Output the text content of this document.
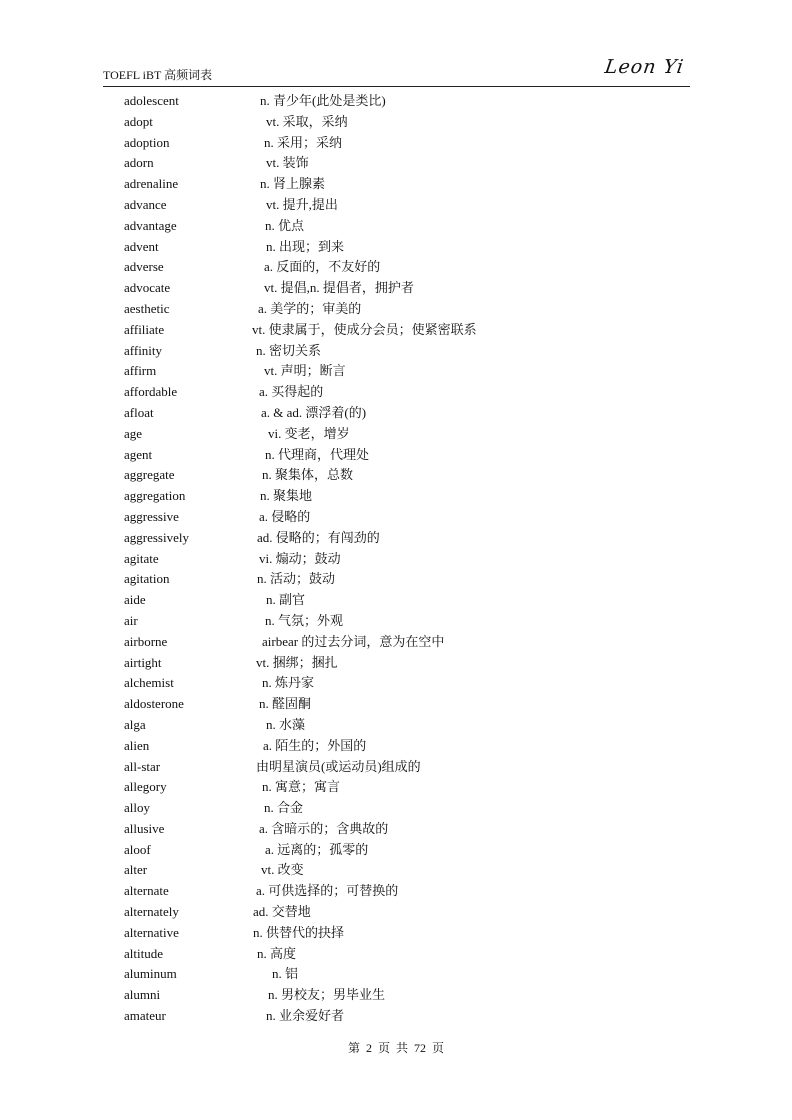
TOEFL iBT 高频词表	Leon Yi
adolescent	n. 青少年(此处是类比)
adopt	vt. 采取，采纳
adoption	n. 采用；采纳
adorn	vt. 装饰
adrenaline	n. 肾上腺素
advance	vt. 提升,提出
advantage	n. 优点
advent	n. 出现；到来
adverse	a. 反面的，不友好的
advocate	vt. 提倡,n. 提倡者，拥护者
aesthetic	a. 美学的；审美的
affiliate	vt. 使隶属于，使成分会员；使紧密联系
affinity	n. 密切关系
affirm	vt. 声明；断言
affordable	a. 买得起的
afloat	a. & ad. 漂浮着(的)
age	vi. 变老，增岁
agent	n. 代理商，代理处
aggregate	n. 聚集体，总数
aggregation	n. 聚集地
aggressive	a. 侵略的
aggressively	ad. 侵略的；有闯劲的
agitate	vi. 煽动；鼓动
agitation	n. 活动；鼓动
aide	n. 副官
air	n. 气氛；外观
airborne	airbear 的过去分词，意为在空中
airtight	vt. 捆绑；捆扎
alchemist	n. 炼丹家
aldosterone	n. 醛固酮
alga	n. 水藻
alien	a. 陌生的；外国的
all-star	由明星演员(或运动员)组成的
allegory	n. 寓意；寓言
alloy	n. 合金
allusive	a. 含暗示的；含典故的
aloof	a. 远离的；孤零的
alter	vt. 改变
alternate	a. 可供选择的；可替换的
alternately	ad. 交替地
alternative	n. 供替代的抉择
altitude	n. 高度
aluminum	n. 铝
alumni	n. 男校友；男毕业生
amateur	n. 业余爱好者
第 2 页 共 72 页
